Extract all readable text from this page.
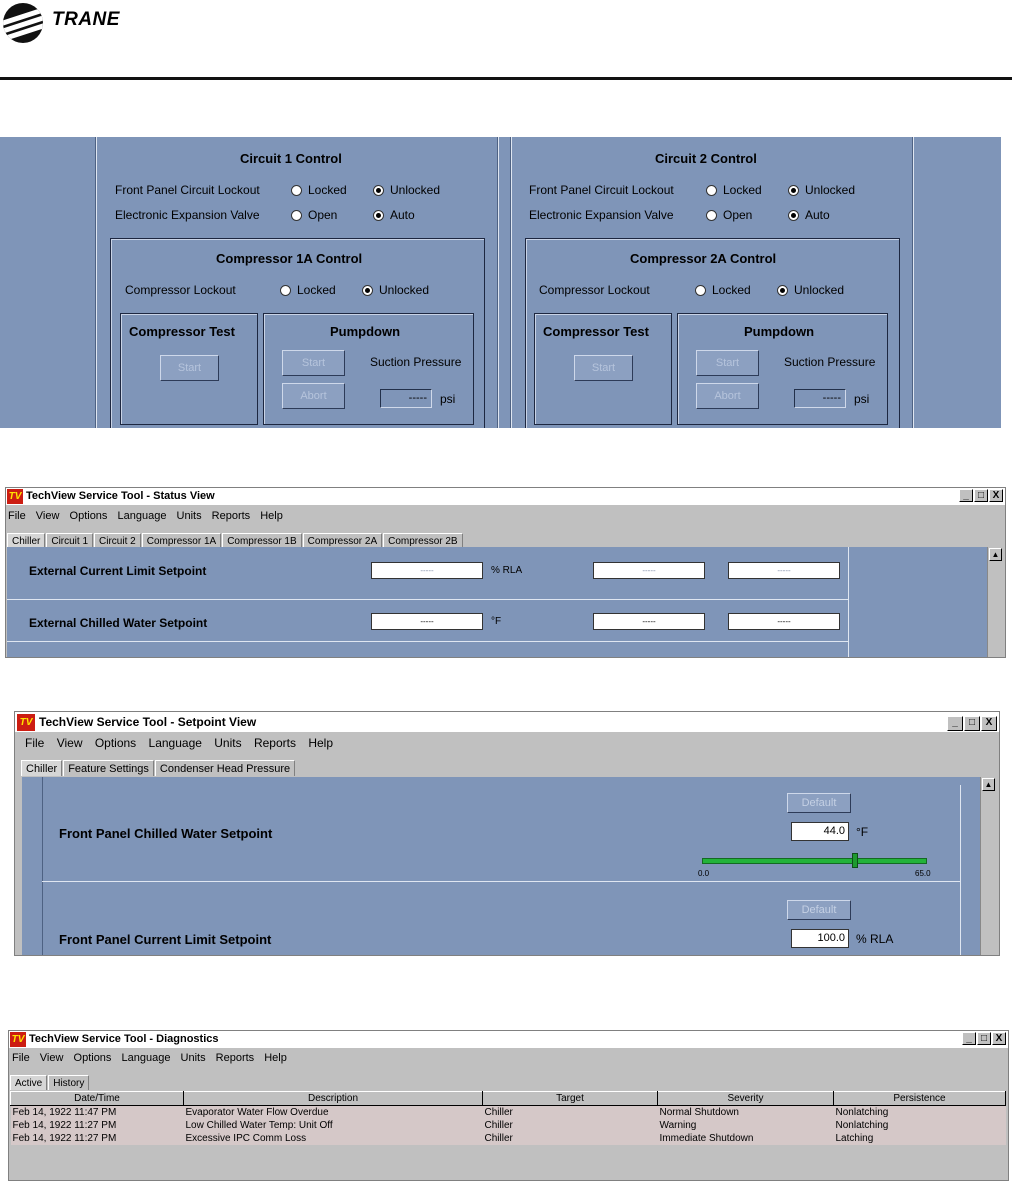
TRANE
Circuit 1 Control
Front Panel Circuit Lockout	Locked	Unlocked
Electronic Expansion Valve	Open	Auto
Compressor 1A Control
Compressor Lockout	Locked	Unlocked
Compressor Test
Start
Pumpdown
Start
Abort
Suction Pressure
-----	psi
Circuit 2 Control
Front Panel Circuit Lockout	Locked	Unlocked
Electronic Expansion Valve	Open	Auto
Compressor 2A Control
Compressor Lockout	Locked	Unlocked
Compressor Test
Start
Pumpdown
Start
Abort
Suction Pressure
-----	psi
TV TechView Service Tool - Status View	_ □ X
File View Options Language Units Reports Help
Chiller Circuit 1 Circuit 2 Compressor 1A Compressor 1B Compressor 2A Compressor 2B
External Current Limit Setpoint	-----	% RLA	-----	-----
External Chilled Water Setpoint	-----	°F	-----	-----
▲
TV TechView Service Tool - Setpoint View	_ □ X
File View Options Language Units Reports Help
Chiller Feature Settings Condenser Head Pressure
Default
Front Panel Chilled Water Setpoint	44.0 °F
0.0	65.0
Default
Front Panel Current Limit Setpoint	100.0 % RLA
▲
TV TechView Service Tool - Diagnostics	_ □ X
File View Options Language Units Reports Help
Active History
Date/Time	Description	Target	Severity	Persistence
Feb 14, 1922 11:47 PM	Evaporator Water Flow Overdue	Chiller	Normal Shutdown	Nonlatching
Feb 14, 1922 11:27 PM	Low Chilled Water Temp: Unit Off	Chiller	Warning	Nonlatching
Feb 14, 1922 11:27 PM	Excessive IPC Comm Loss	Chiller	Immediate Shutdown	Latching
